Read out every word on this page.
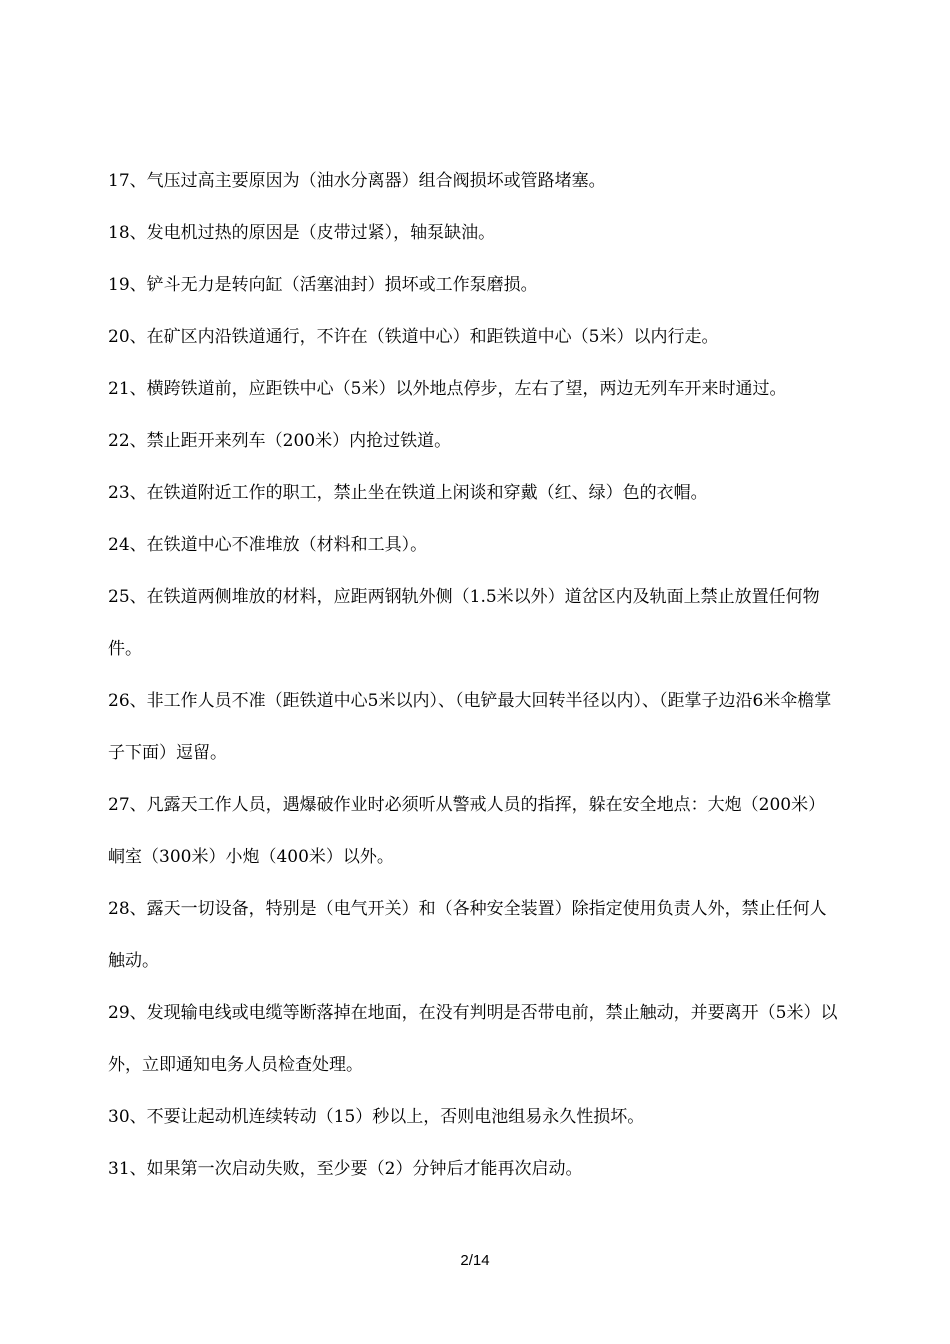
17、气压过高主要原因为（油水分离器）组合阀损坏或管路堵塞。

18、发电机过热的原因是（皮带过紧），轴泵缺油。

19、铲斗无力是转向缸（活塞油封）损坏或工作泵磨损。

20、在矿区内沿铁道通行，不许在（铁道中心）和距铁道中心（5米）以内行走。

21、横跨铁道前，应距铁中心（5米）以外地点停步，左右了望，两边无列车开来时通过。

22、禁止距开来列车（200米）内抢过铁道。

23、在铁道附近工作的职工，禁止坐在铁道上闲谈和穿戴（红、绿）色的衣帽。

24、在铁道中心不准堆放（材料和工具）。

25、在铁道两侧堆放的材料，应距两钢轨外侧（1.5米以外）道岔区内及轨面上禁止放置任何物件。

26、非工作人员不准（距铁道中心5米以内）、（电铲最大回转半径以内）、（距掌子边沿6米伞檐掌子下面）逗留。

27、凡露天工作人员，遇爆破作业时必须听从警戒人员的指挥，躲在安全地点：大炮（200米）峒室（300米）小炮（400米）以外。

28、露天一切设备，特别是（电气开关）和（各种安全装置）除指定使用负责人外，禁止任何人触动。

29、发现输电线或电缆等断落掉在地面，在没有判明是否带电前，禁止触动，并要离开（5米）以外，立即通知电务人员检查处理。

30、不要让起动机连续转动（15）秒以上，否则电池组易永久性损坏。

31、如果第一次启动失败，至少要（2）分钟后才能再次启动。

2/14
